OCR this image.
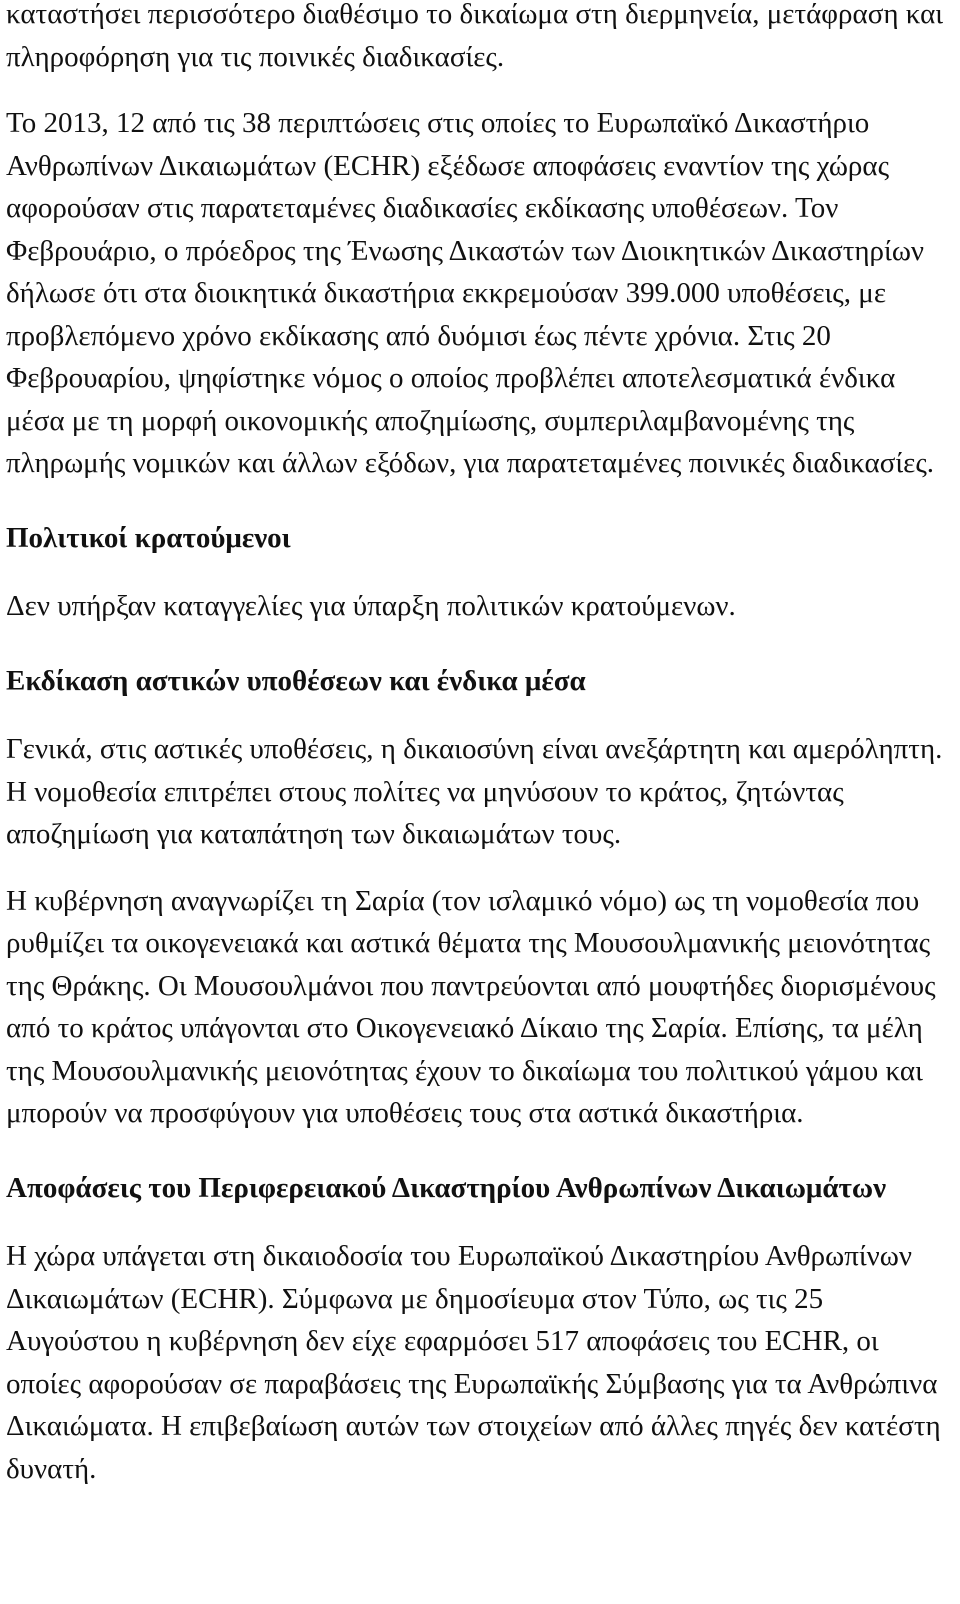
καταστήσει περισσότερο διαθέσιμο το δικαίωμα στη διερμηνεία, μετάφραση και πληροφόρηση για τις ποινικές διαδικασίες.

Το 2013, 12 από τις 38 περιπτώσεις στις οποίες το Ευρωπαϊκό Δικαστήριο Ανθρωπίνων Δικαιωμάτων (ECHR) εξέδωσε αποφάσεις εναντίον της χώρας αφορούσαν στις παρατεταμένες διαδικασίες εκδίκασης υποθέσεων. Τον Φεβρουάριο, ο πρόεδρος της Ένωσης Δικαστών των Διοικητικών Δικαστηρίων δήλωσε ότι στα διοικητικά δικαστήρια εκκρεμούσαν 399.000 υποθέσεις, με προβλεπόμενο χρόνο εκδίκασης από δυόμισι έως πέντε χρόνια. Στις 20 Φεβρουαρίου, ψηφίστηκε νόμος ο οποίος προβλέπει αποτελεσματικά ένδικα μέσα με τη μορφή οικονομικής αποζημίωσης, συμπεριλαμβανομένης της πληρωμής νομικών και άλλων εξόδων, για παρατεταμένες ποινικές διαδικασίες.

Πολιτικοί κρατούμενοι

Δεν υπήρξαν καταγγελίες για ύπαρξη πολιτικών κρατούμενων.

Εκδίκαση αστικών υποθέσεων και ένδικα μέσα

Γενικά, στις αστικές υποθέσεις, η δικαιοσύνη είναι ανεξάρτητη και αμερόληπτη. Η νομοθεσία επιτρέπει στους πολίτες να μηνύσουν το κράτος, ζητώντας αποζημίωση για καταπάτηση των δικαιωμάτων τους.

Η κυβέρνηση αναγνωρίζει τη Σαρία (τον ισλαμικό νόμο) ως τη νομοθεσία που ρυθμίζει τα οικογενειακά και αστικά θέματα της Μουσουλμανικής μειονότητας της Θράκης. Οι Μουσουλμάνοι που παντρεύονται από μουφτήδες διορισμένους από το κράτος υπάγονται στο Οικογενειακό Δίκαιο της Σαρία. Επίσης, τα μέλη της Μουσουλμανικής μειονότητας έχουν το δικαίωμα του πολιτικού γάμου και μπορούν να προσφύγουν για υποθέσεις τους στα αστικά δικαστήρια.

Αποφάσεις του Περιφερειακού Δικαστηρίου Ανθρωπίνων Δικαιωμάτων

Η χώρα υπάγεται στη δικαιοδοσία του Ευρωπαϊκού Δικαστηρίου Ανθρωπίνων Δικαιωμάτων (ECHR). Σύμφωνα με δημοσίευμα στον Τύπο, ως τις 25 Αυγούστου η κυβέρνηση δεν είχε εφαρμόσει 517 αποφάσεις του ECHR, οι οποίες αφορούσαν σε παραβάσεις της Ευρωπαϊκής Σύμβασης για τα Ανθρώπινα Δικαιώματα. Η επιβεβαίωση αυτών των στοιχείων από άλλες πηγές δεν κατέστη δυνατή.
